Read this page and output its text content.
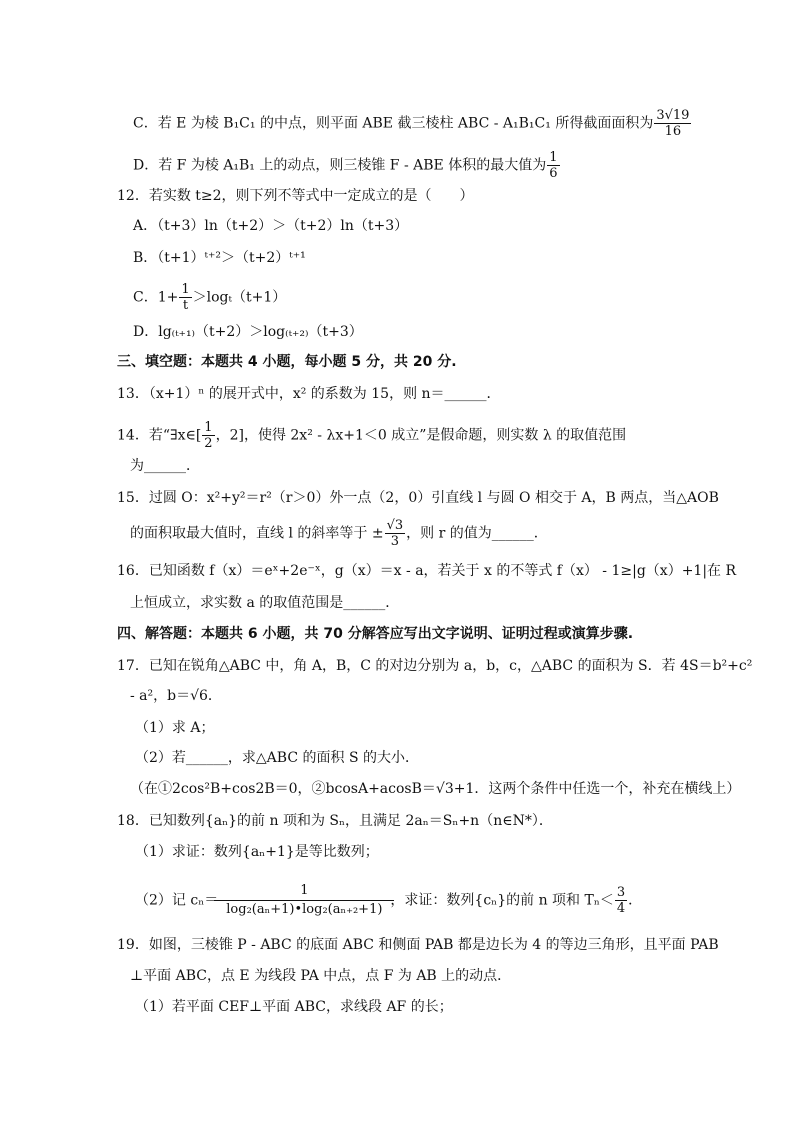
C．若 E 为棱 B₁C₁ 的中点，则平面 ABE 截三棱柱 ABC - A₁B₁C₁ 所得截面面积为 $\frac{3√19}{16}$
D．若 F 为棱 A₁B₁ 上的动点，则三棱锥 F - ABE 体积的最大值为 $\frac{1}{6}$
12．若实数 t≥2，则下列不等式中一定成立的是（　　）
A．（t+3）ln（t+2）＞（t+2）ln（t+3）
B．（t+1）ᵗ⁺²＞（t+2）ᵗ⁺¹
C．$1+ \frac{1}{t} >\log_t(t+1)$
D．lg₍ₜ₊₁₎（t+2）＞log₍ₜ₊₂₎（t+3）
三、填空题：本题共 4 小题，每小题 5 分，共 20 分.
13．（x+1）ⁿ 的展开式中，x² 的系数为 15，则 n＝______．
14．若“∃x∈[ $\frac{1}{2}$ ，2]，使得 2x² - λx+1＜0 成立”是假命题，则实数 λ 的取值范围
为______．
15．过圆 O：x²+y²＝r²（r＞0）外一点（2，0）引直线 l 与圆 O 相交于 A，B 两点，当△AOB
的面积取最大值时，直线 l 的斜率等于 ± $\frac{√3}{3}$ ，则 r 的值为______．
16．已知函数 f（x）＝eˣ+2e⁻ˣ，g（x）＝x - a，若关于 x 的不等式 f（x） - 1≥|g（x）+1|在 R
上恒成立，求实数 a 的取值范围是______．
四、解答题：本题共 6 小题，共 70 分解答应写出文字说明、证明过程或演算步骤.
17．已知在锐角△ABC 中，角 A，B，C 的对边分别为 a，b，c，△ABC 的面积为 S．若 4S＝b²+c²
- a²，b＝√6．
（1）求 A；
（2）若______，求△ABC 的面积 S 的大小．
（在①2cos²B+cos2B＝0，②bcosA+acosB＝√3+1．这两个条件中任选一个，补充在横线上）
18．已知数列{aₙ}的前 n 项和为 Sₙ，且满足 2aₙ＝Sₙ+n（n∈N*）．
（1）求证：数列{aₙ+1}是等比数列；
（2）记 $c_n= \frac{1}{\text{log₂(aₙ+1)•log₂(aₙ₊₂+1)}}$ ，求证：数列{cₙ}的前 n 项和 $T_n< \frac{3}{4}$ ．
19．如图，三棱锥 P - ABC 的底面 ABC 和侧面 PAB 都是边长为 4 的等边三角形，且平面 PAB
⊥平面 ABC，点 E 为线段 PA 中点，点 F 为 AB 上的动点．
（1）若平面 CEF⊥平面 ABC，求线段 AF 的长；
